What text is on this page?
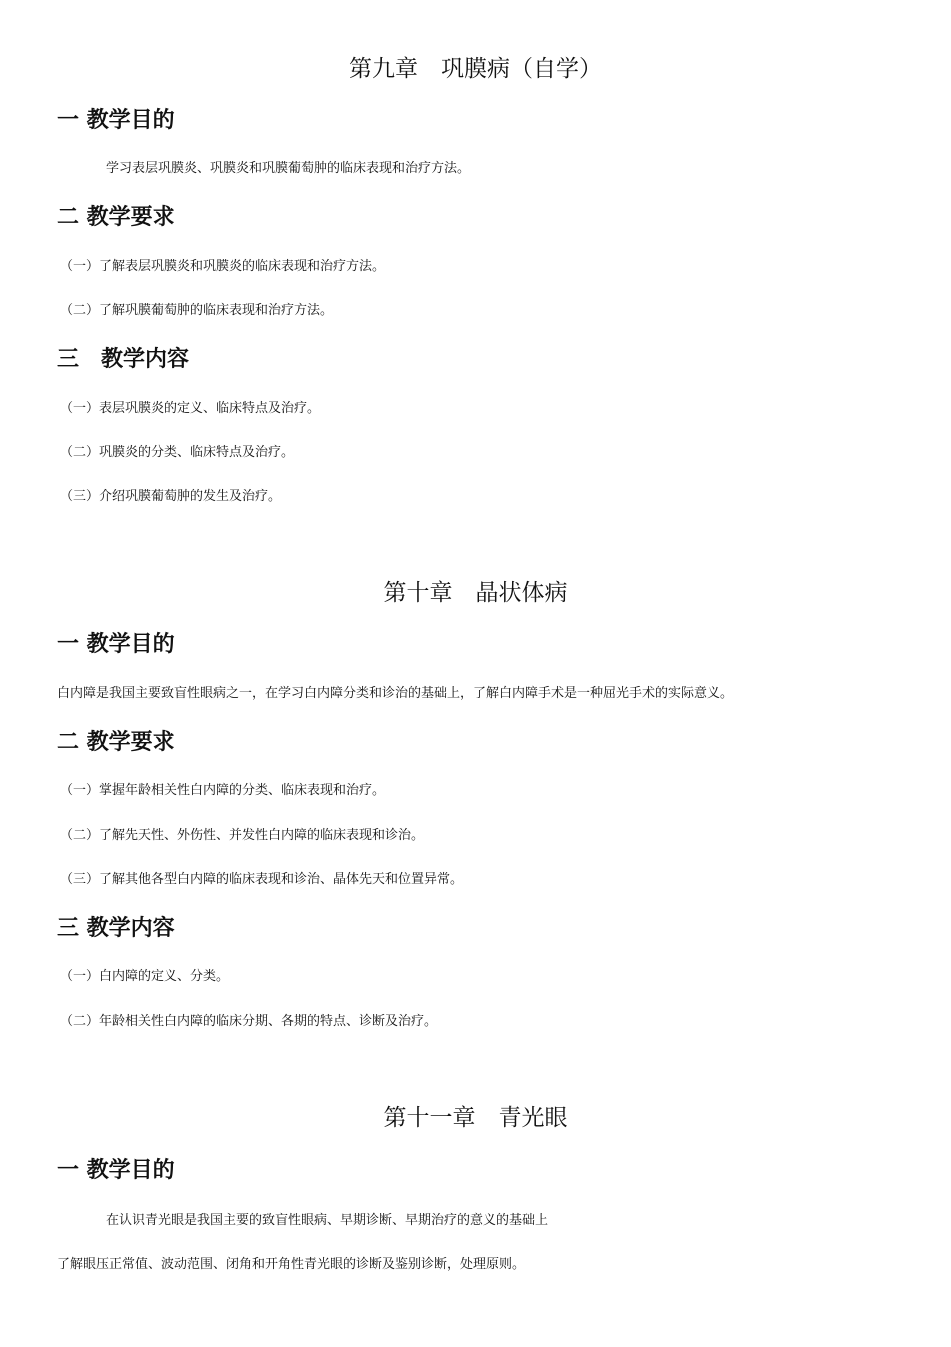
第九章　巩膜病（自学）
一 教学目的

学习表层巩膜炎、巩膜炎和巩膜葡萄肿的临床表现和治疗方法。

二 教学要求

（一）了解表层巩膜炎和巩膜炎的临床表现和治疗方法。

（二）了解巩膜葡萄肿的临床表现和治疗方法。

三　教学内容

（一）表层巩膜炎的定义、临床特点及治疗。

（二）巩膜炎的分类、临床特点及治疗。

（三）介绍巩膜葡萄肿的发生及治疗。

第十章　晶状体病
一 教学目的

白内障是我国主要致盲性眼病之一，在学习白内障分类和诊治的基础上，了解白内障手术是一种屈光手术的实际意义。

二 教学要求

（一）掌握年龄相关性白内障的分类、临床表现和治疗。

（二）了解先天性、外伤性、并发性白内障的临床表现和诊治。

（三）了解其他各型白内障的临床表现和诊治、晶体先天和位置异常。

三 教学内容

（一）白内障的定义、分类。

（二）年龄相关性白内障的临床分期、各期的特点、诊断及治疗。

第十一章　青光眼
一 教学目的

在认识青光眼是我国主要的致盲性眼病、早期诊断、早期治疗的意义的基础上

了解眼压正常值、波动范围、闭角和开角性青光眼的诊断及鉴别诊断，处理原则。
